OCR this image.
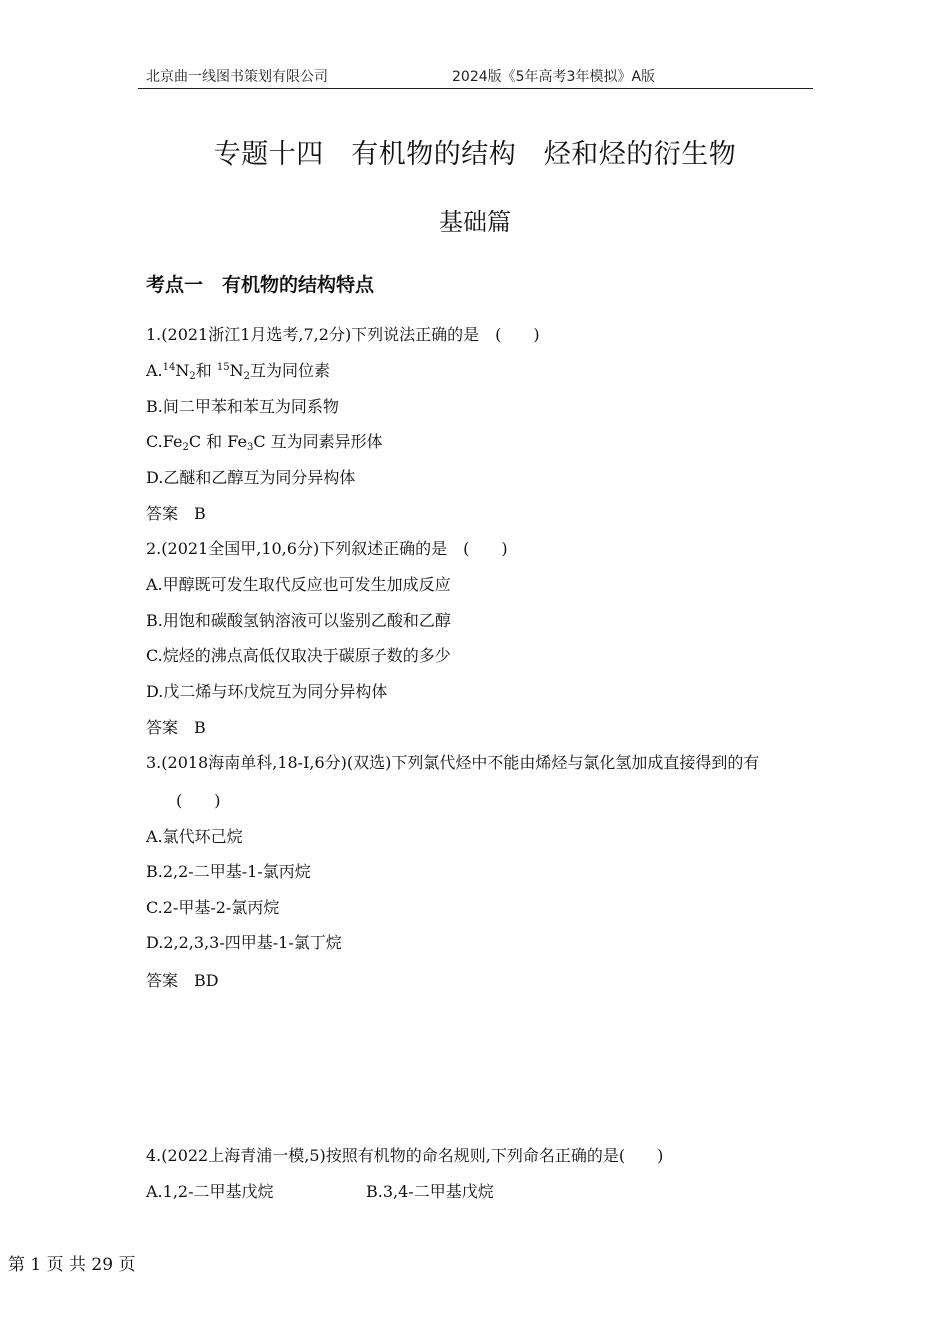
北京曲一线图书策划有限公司	2024版《5年高考3年模拟》A版
专题十四　有机物的结构　烃和烃的衍生物
基础篇
考点一　有机物的结构特点
1.(2021浙江1月选考,7,2分)下列说法正确的是　(　　)
$A.^{14}N_2$和 $^{15}N_2$互为同位素
B.间二甲苯和苯互为同系物
$C.Fe_2C$ 和 $Fe_3C$ 互为同素异形体
D.乙醚和乙醇互为同分异构体
答案　B
2.(2021全国甲,10,6分)下列叙述正确的是　(　　)
A.甲醇既可发生取代反应也可发生加成反应
B.用饱和碳酸氢钠溶液可以鉴别乙酸和乙醇
C.烷烃的沸点高低仅取决于碳原子数的多少
D.戊二烯与环戊烷互为同分异构体
答案　B
3.(2018海南单科,18-Ⅰ,6分)(双选)下列氯代烃中不能由烯烃与氯化氢加成直接得到的有
(　　)
A.氯代环己烷
B.2,2-二甲基-1-氯丙烷
C.2-甲基-2-氯丙烷
D.2,2,3,3-四甲基-1-氯丁烷
答案　BD
4.(2022上海青浦一模,5)按照有机物的命名规则,下列命名正确的是(　　)
A.1,2-二甲基戊烷	B.3,4-二甲基戊烷
第 1 页 共 29 页
